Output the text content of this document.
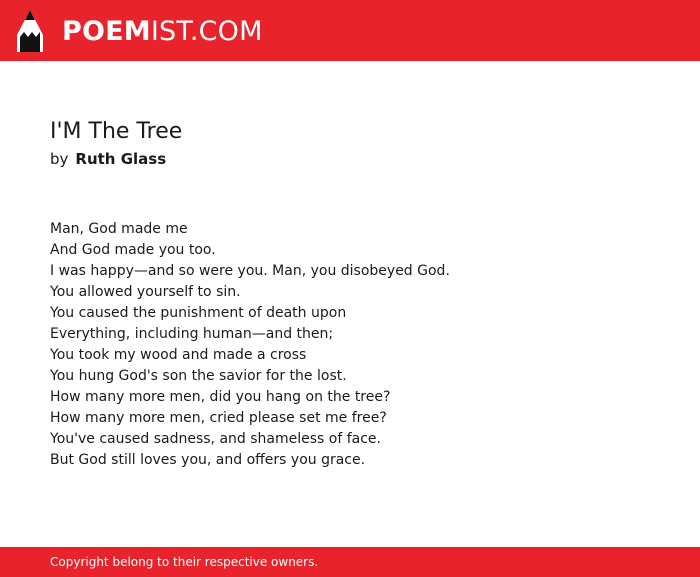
POEMIST.COM
I'M The Tree
by Ruth Glass
Man, God made me
And God made you too.
I was happy—and so were you. Man, you disobeyed God.
You allowed yourself to sin.
You caused the punishment of death upon
Everything, including human—and then;
You took my wood and made a cross
You hung God's son the savior for the lost.
How many more men, did you hang on the tree?
How many more men, cried please set me free?
You've caused sadness, and shameless of face.
But God still loves you, and offers you grace.
Copyright belong to their respective owners.
